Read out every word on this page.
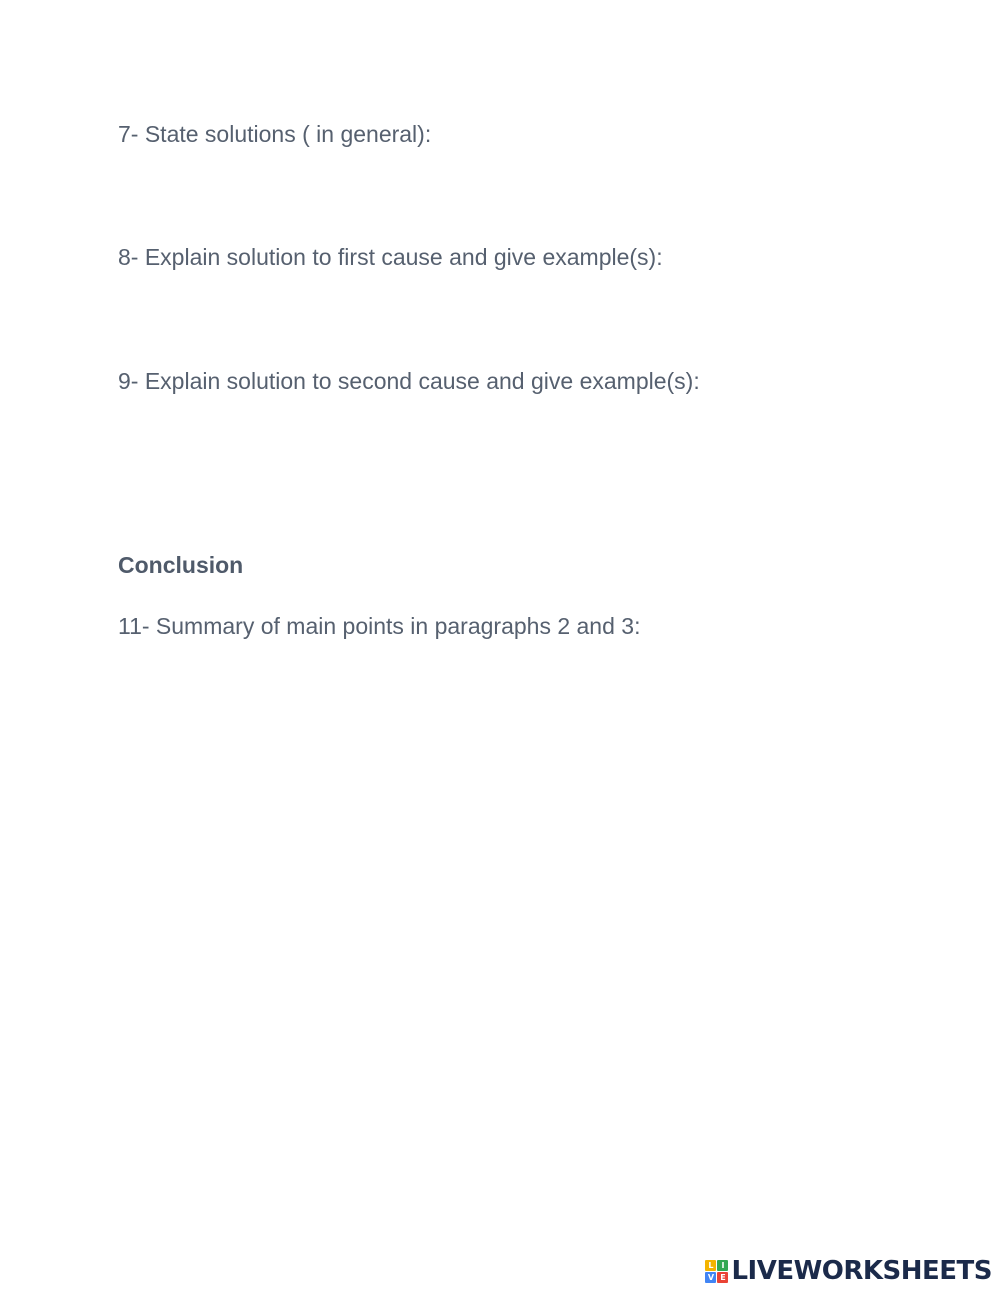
7- State solutions ( in general):
8- Explain solution to first cause and give example(s):
9- Explain solution to second cause and give example(s):
Conclusion
11- Summary of main points in paragraphs 2 and 3:
L I
V E LIVEWORKSHEETS
